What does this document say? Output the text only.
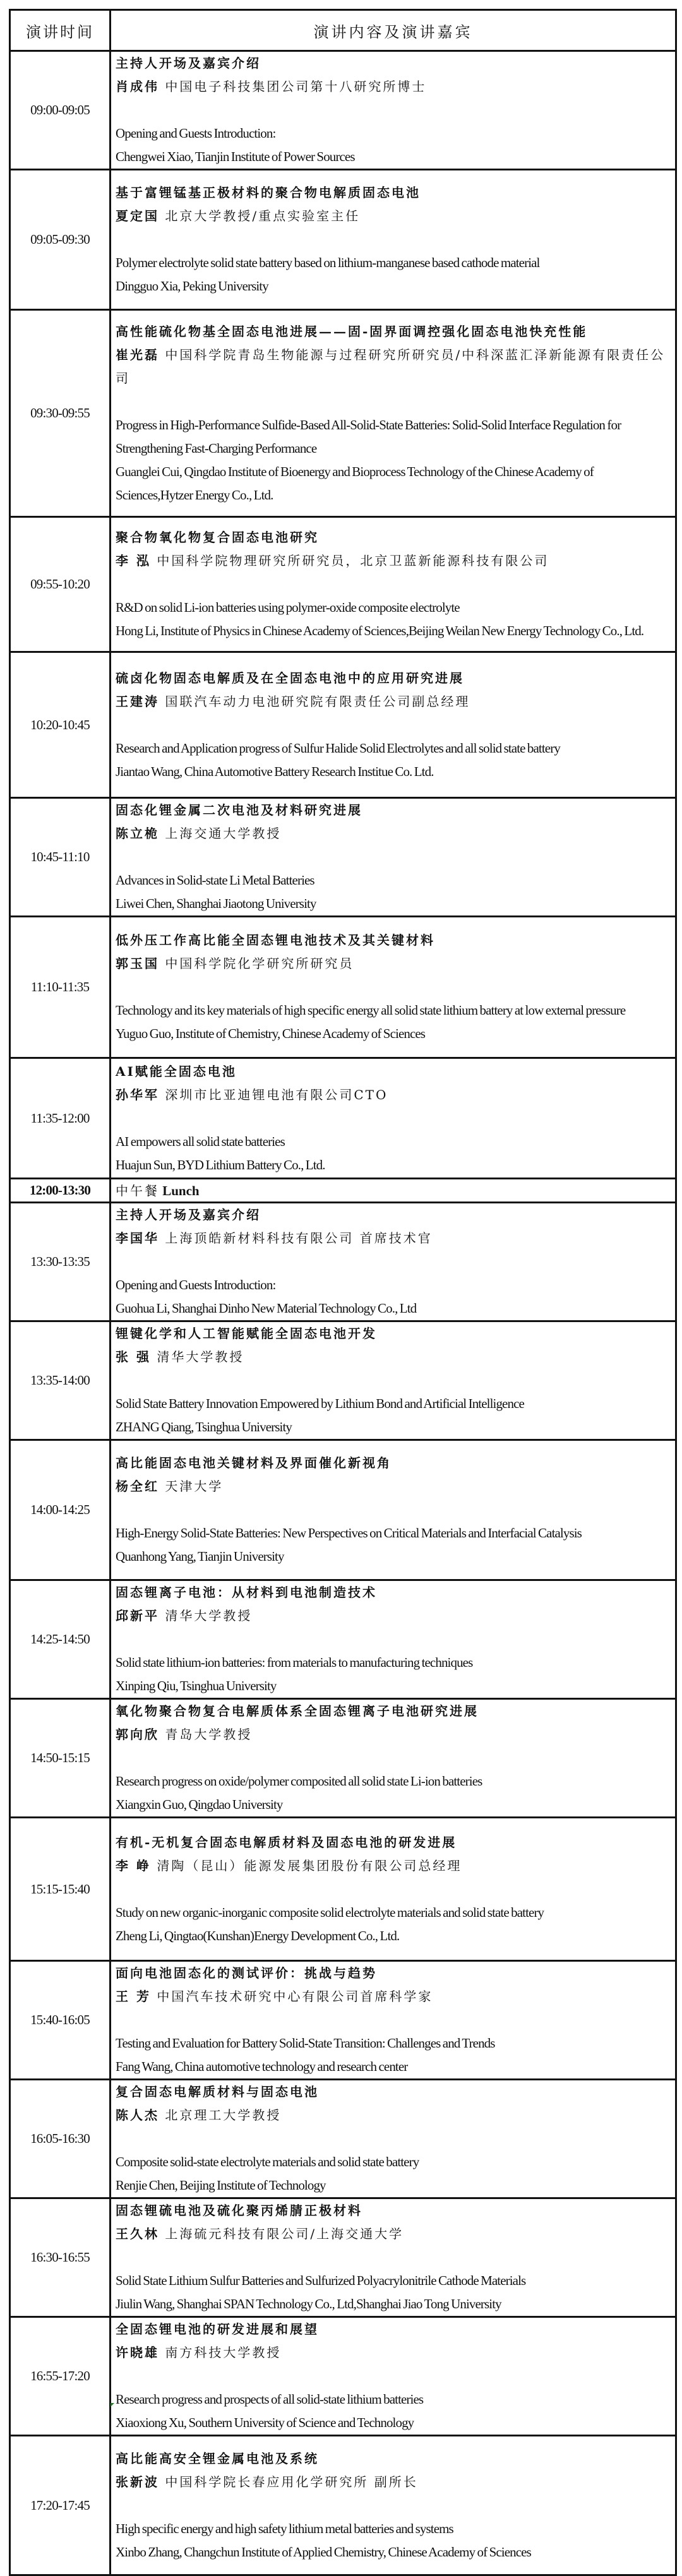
演讲时间	演讲内容及演讲嘉宾
09:00-09:05	主持人开场及嘉宾介绍
肖成伟 中国电子科技集团公司第十八研究所博士
Opening and Guests Introduction:
Chengwei Xiao, Tianjin Institute of Power Sources

09:05-09:30	基于富锂锰基正极材料的聚合物电解质固态电池
夏定国 北京大学教授/重点实验室主任
Polymer electrolyte solid state battery based on lithium-manganese based cathode material
Dingguo Xia, Peking University

09:30-09:55	高性能硫化物基全固态电池进展——固-固界面调控强化固态电池快充性能
崔光磊 中国科学院青岛生物能源与过程研究所研究员/中科深蓝汇泽新能源有限责任公司
Progress in High-Performance Sulfide-Based All-Solid-State Batteries: Solid-Solid Interface Regulation for Strengthening Fast-Charging Performance
Guanglei Cui, Qingdao Institute of Bioenergy and Bioprocess Technology of the Chinese Academy of Sciences,Hytzer Energy Co., Ltd.

09:55-10:20	聚合物氧化物复合固态电池研究
李 泓 中国科学院物理研究所研究员，北京卫蓝新能源科技有限公司
R&D on solid Li-ion batteries using polymer-oxide composite electrolyte
Hong Li, Institute of Physics in Chinese Academy of Sciences,Beijing Weilan New Energy Technology Co., Ltd.

10:20-10:45	硫卤化物固态电解质及在全固态电池中的应用研究进展
王建涛 国联汽车动力电池研究院有限责任公司副总经理
Research and Application progress of Sulfur Halide Solid Electrolytes and all solid state battery
Jiantao Wang, China Automotive Battery Research Institue Co. Ltd.

10:45-11:10	固态化锂金属二次电池及材料研究进展
陈立桅 上海交通大学教授
Advances in Solid-state Li Metal Batteries
Liwei Chen, Shanghai Jiaotong University

11:10-11:35	低外压工作高比能全固态锂电池技术及其关键材料
郭玉国 中国科学院化学研究所研究员
Technology and its key materials of high specific energy all solid state lithium battery at low external pressure
Yuguo Guo, Institute of Chemistry, Chinese Academy of Sciences

11:35-12:00	AI赋能全固态电池
孙华军 深圳市比亚迪锂电池有限公司CTO
AI empowers all solid state batteries
Huajun Sun, BYD Lithium Battery Co., Ltd.

12:00-13:30	中午餐 Lunch
13:30-13:35	主持人开场及嘉宾介绍
李国华 上海顶皓新材料科技有限公司 首席技术官
Opening and Guests Introduction:
Guohua Li, Shanghai Dinho New Material Technology Co., Ltd

13:35-14:00	锂键化学和人工智能赋能全固态电池开发
张 强 清华大学教授
Solid State Battery Innovation Empowered by Lithium Bond and Artificial Intelligence
ZHANG Qiang, Tsinghua University

14:00-14:25	高比能固态电池关键材料及界面催化新视角
杨全红 天津大学
High-Energy Solid-State Batteries: New Perspectives on Critical Materials and Interfacial Catalysis
Quanhong Yang, Tianjin University

14:25-14:50	固态锂离子电池：从材料到电池制造技术
邱新平 清华大学教授
Solid state lithium-ion batteries: from materials to manufacturing techniques
Xinping Qiu, Tsinghua University

14:50-15:15	氧化物聚合物复合电解质体系全固态锂离子电池研究进展
郭向欣 青岛大学教授
Research progress on oxide/polymer composited all solid state Li-ion batteries
Xiangxin Guo, Qingdao University

15:15-15:40	有机-无机复合固态电解质材料及固态电池的研发进展
李 峥 清陶（昆山）能源发展集团股份有限公司总经理
Study on new organic-inorganic composite solid electrolyte materials and solid state battery
Zheng Li, Qingtao(Kunshan)Energy Development Co., Ltd.

15:40-16:05	面向电池固态化的测试评价：挑战与趋势
王 芳 中国汽车技术研究中心有限公司首席科学家
Testing and Evaluation for Battery Solid-State Transition: Challenges and Trends
Fang Wang, China automotive technology and research center

16:05-16:30	复合固态电解质材料与固态电池
陈人杰 北京理工大学教授
Composite solid-state electrolyte materials and solid state battery
Renjie Chen, Beijing Institute of Technology

16:30-16:55	固态锂硫电池及硫化聚丙烯腈正极材料
王久林 上海硫元科技有限公司/上海交通大学
Solid State Lithium Sulfur Batteries and Sulfurized Polyacrylonitrile Cathode Materials
Jiulin Wang, Shanghai SPAN Technology Co., Ltd,Shanghai Jiao Tong University

16:55-17:20	全固态锂电池的研发进展和展望
许晓雄 南方科技大学教授
Research progress and prospects of all solid-state lithium batteries
Xiaoxiong Xu, Southern University of Science and Technology

17:20-17:45	高比能高安全锂金属电池及系统
张新波 中国科学院长春应用化学研究所 副所长
High specific energy and high safety lithium metal batteries and systems
Xinbo Zhang, Changchun Institute of Applied Chemistry, Chinese Academy of Sciences
